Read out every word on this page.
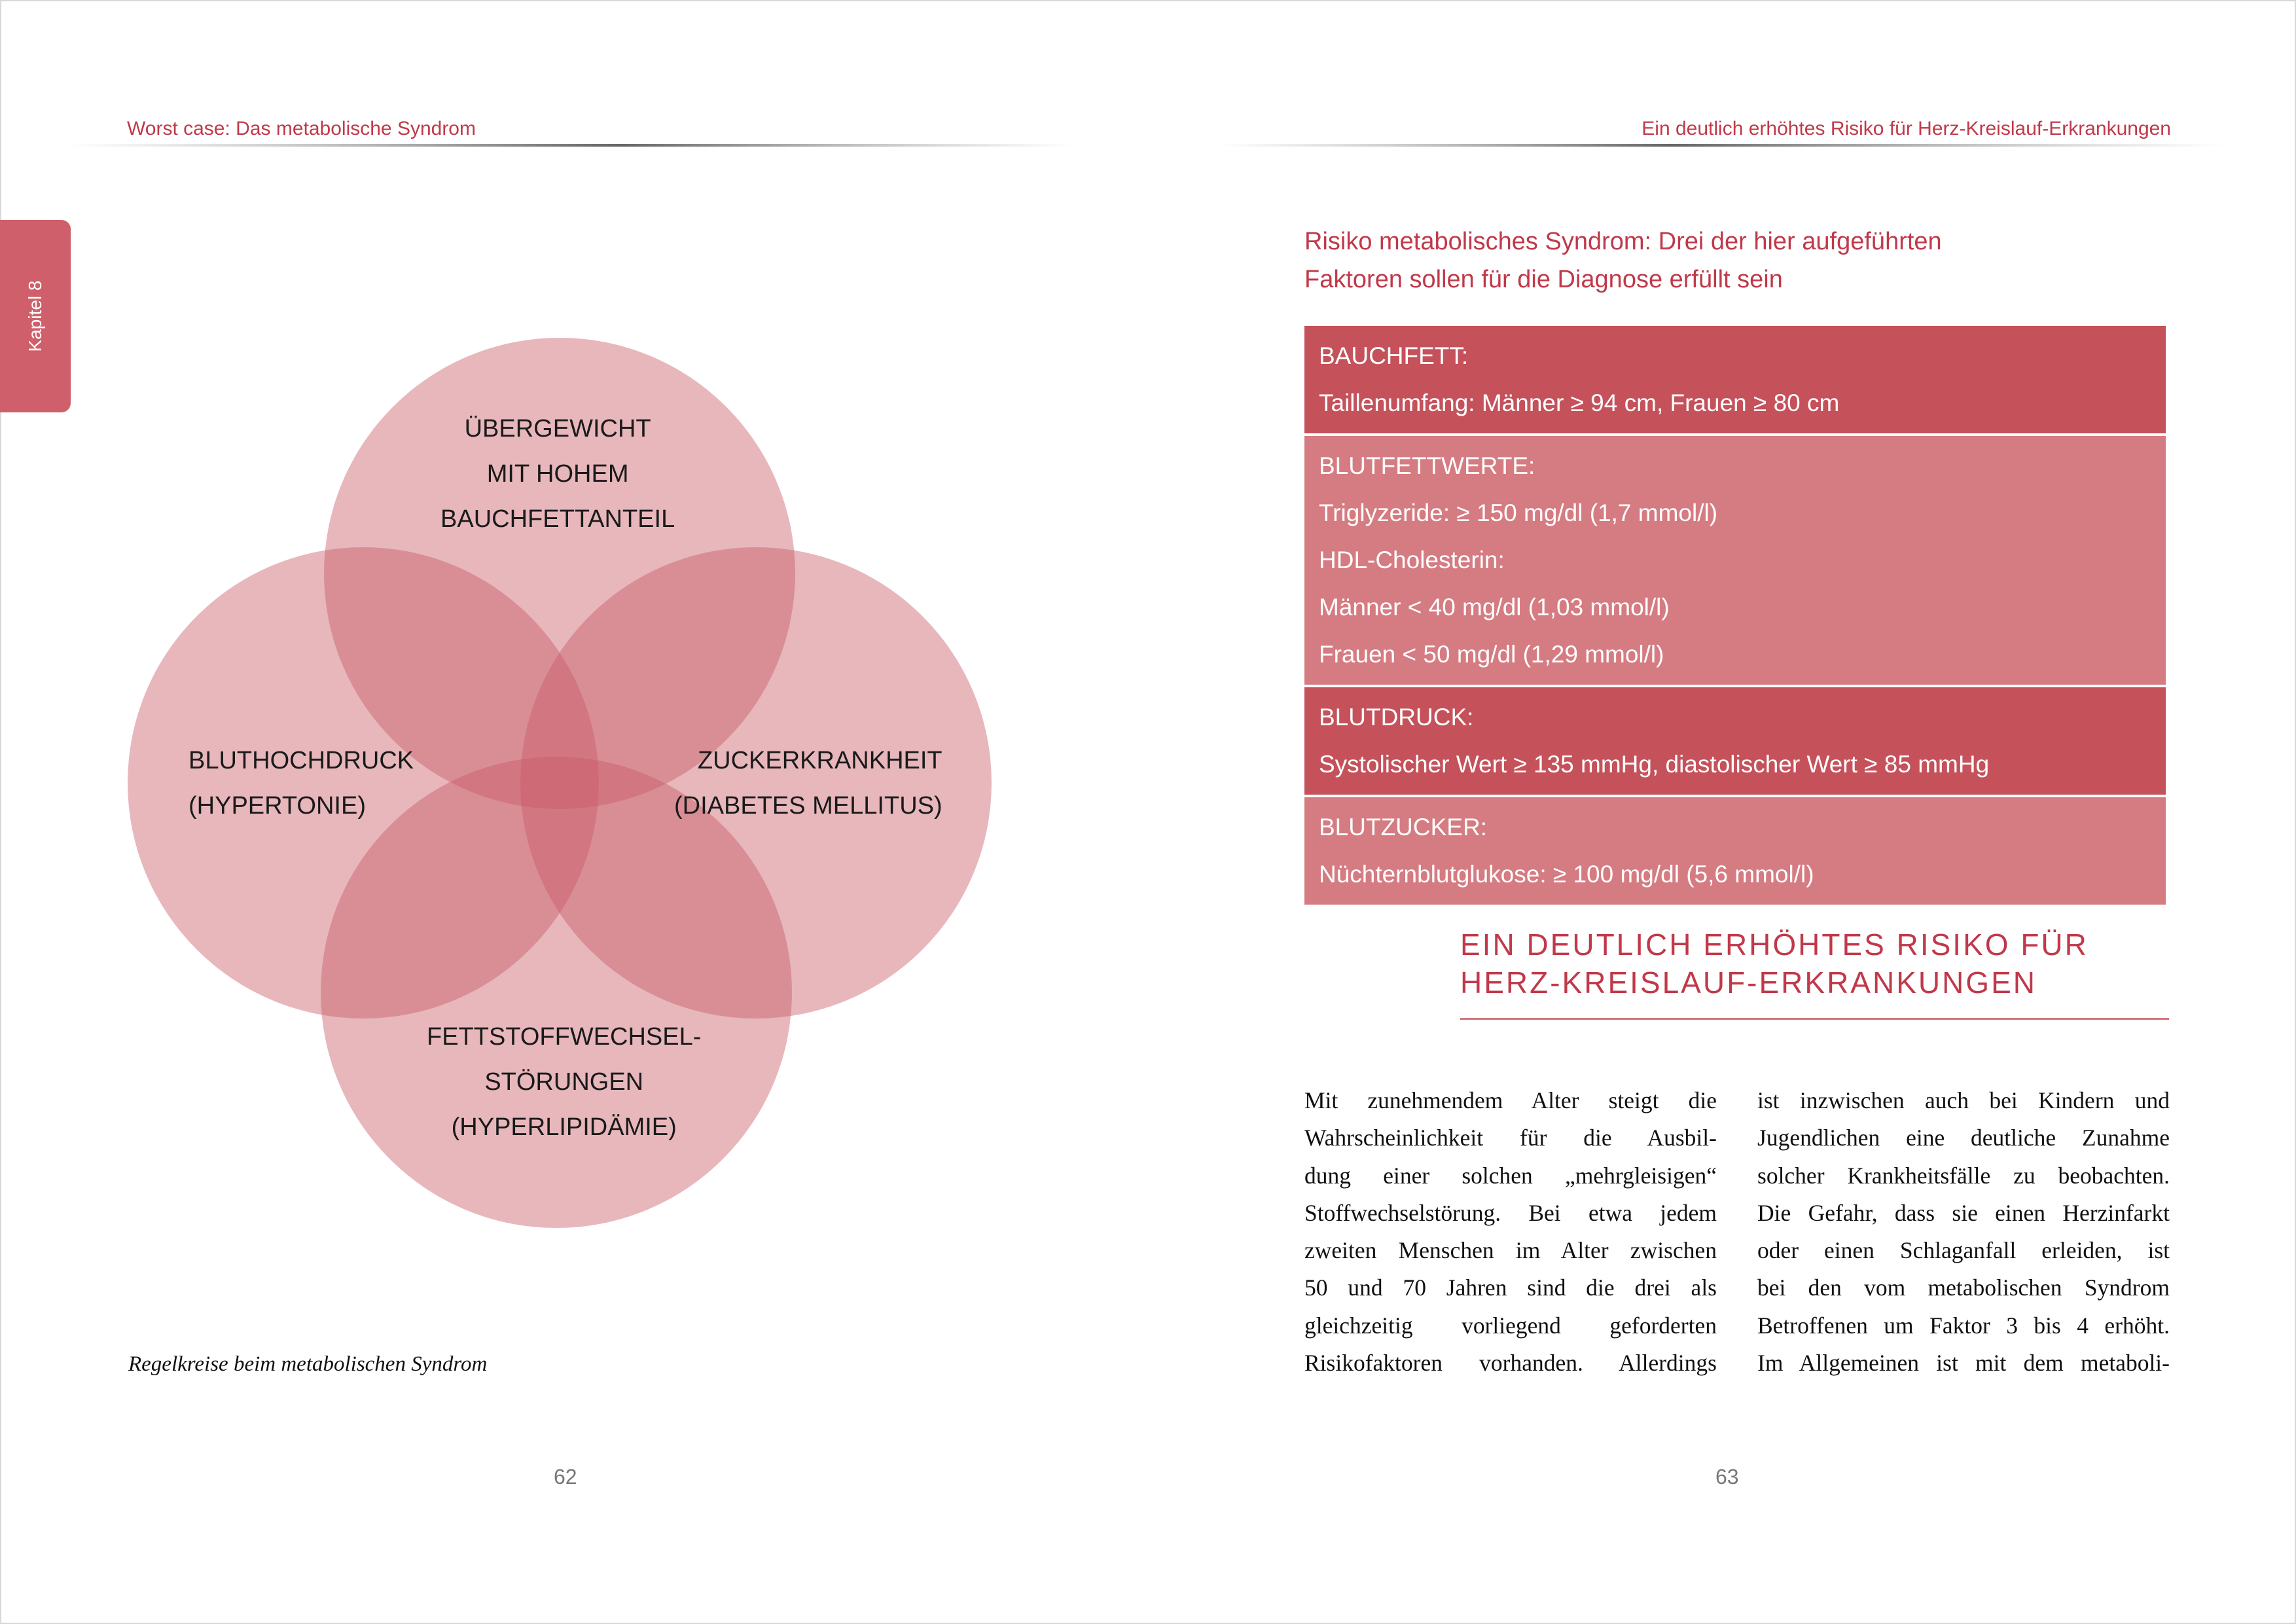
Worst case: Das metabolische Syndrom
Kapitel 8
ÜBERGEWICHT
MIT HOHEM
BAUCHFETTANTEIL
BLUTHOCHDRUCK
(HYPERTONIE)
ZUCKERKRANKHEIT
(DIABETES MELLITUS)
FETTSTOFFWECHSEL-
STÖRUNGEN
(HYPERLIPIDÄMIE)
Regelkreise beim metabolischen Syndrom
62
Ein deutlich erhöhtes Risiko für Herz-Kreislauf-Erkrankungen
Risiko metabolisches Syndrom: Drei der hier aufgeführten
Faktoren sollen für die Diagnose erfüllt sein
BAUCHFETT:
Taillenumfang: Männer ≥ 94 cm, Frauen ≥ 80 cm
BLUTFETTWERTE:
Triglyzeride: ≥ 150 mg/dl (1,7 mmol/l)
HDL-Cholesterin:
Männer < 40 mg/dl (1,03 mmol/l)
Frauen < 50 mg/dl (1,29 mmol/l)
BLUTDRUCK:
Systolischer Wert ≥ 135 mmHg, diastolischer Wert ≥ 85 mmHg
BLUTZUCKER:
Nüchternblutglukose: ≥ 100 mg/dl (5,6 mmol/l)
EIN DEUTLICH ERHÖHTES RISIKO FÜR
HERZ-KREISLAUF-ERKRANKUNGEN
Mit zunehmendem Alter steigt die
Wahrscheinlichkeit für die Ausbil-
dung einer solchen „mehrgleisigen“
Stoffwechselstörung. Bei etwa jedem
zweiten Menschen im Alter zwischen
50 und 70 Jahren sind die drei als
gleichzeitig vorliegend geforderten
Risikofaktoren vorhanden. Allerdings
ist inzwischen auch bei Kindern und
Jugendlichen eine deutliche Zunahme
solcher Krankheitsfälle zu beobachten.
Die Gefahr, dass sie einen Herzinfarkt
oder einen Schlaganfall erleiden, ist
bei den vom metabolischen Syndrom
Betroffenen um Faktor 3 bis 4 erhöht.
Im Allgemeinen ist mit dem metaboli-
63
